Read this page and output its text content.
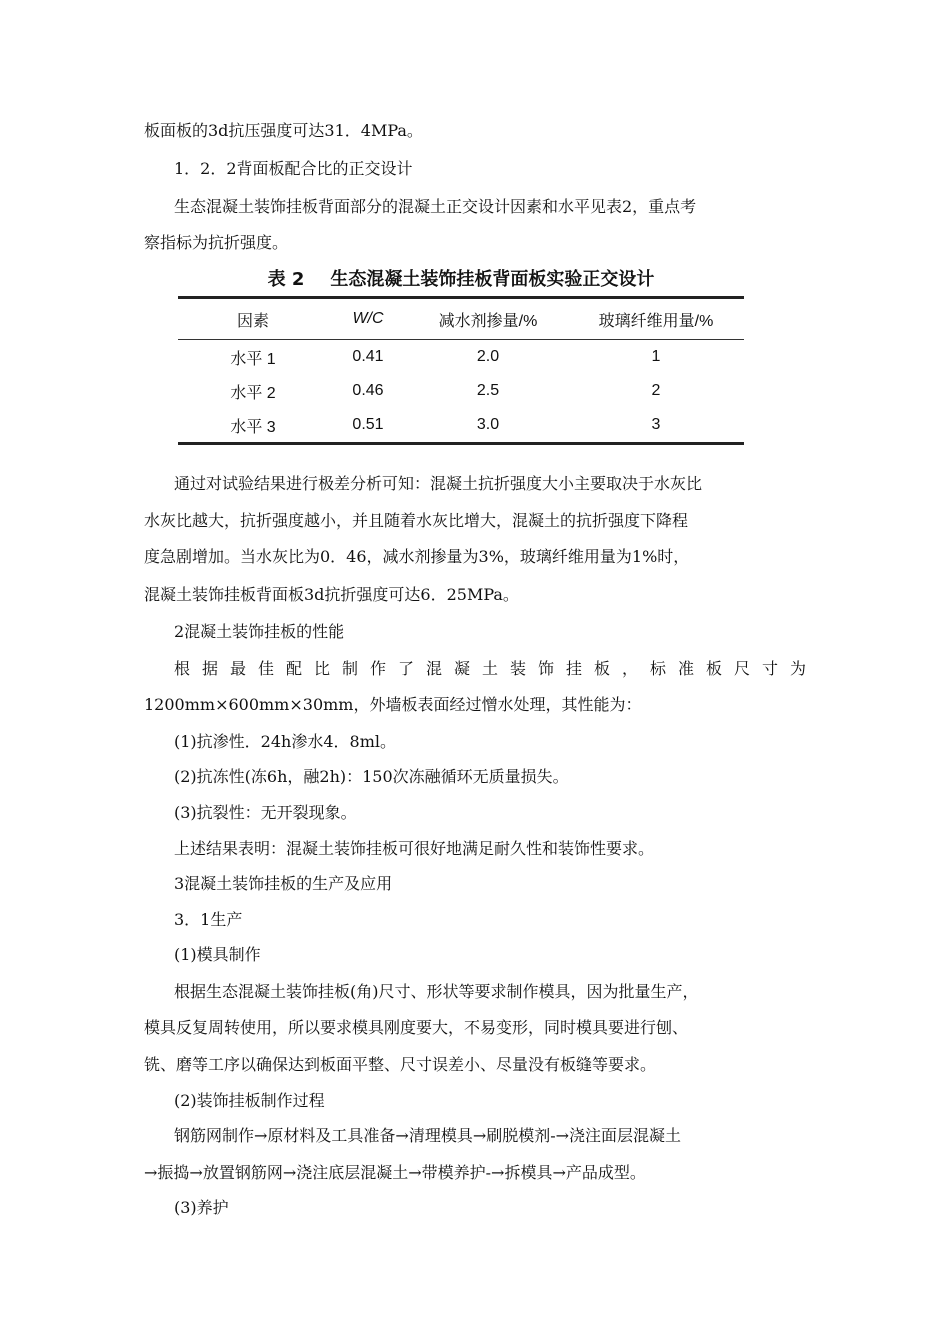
板面板的3d抗压强度可达31．4MPa。
1．2．2背面板配合比的正交设计
生态混凝土装饰挂板背面部分的混凝土正交设计因素和水平见表2，重点考
察指标为抗折强度。
表 2 生态混凝土装饰挂板背面板实验正交设计
因素	W/C	减水剂掺量/%	玻璃纤维用量/%
水平 1	0.41	2.0	1
水平 2	0.46	2.5	2
水平 3	0.51	3.0	3
通过对试验结果进行极差分析可知：混凝土抗折强度大小主要取决于水灰比
水灰比越大，抗折强度越小，并且随着水灰比增大，混凝土的抗折强度下降程
度急剧增加。当水灰比为0．46，减水剂掺量为3%，玻璃纤维用量为1%时，
混凝土装饰挂板背面板3d抗折强度可达6．25MPa。
2混凝土装饰挂板的性能
根据最佳配比制作了混凝土装饰挂板，标准板尺寸为
1200mm×600mm×30mm，外墙板表面经过憎水处理，其性能为：
(1)抗渗性．24h渗水4．8ml。
(2)抗冻性(冻6h，融2h)：150次冻融循环无质量损失。
(3)抗裂性：无开裂现象。
上述结果表明：混凝土装饰挂板可很好地满足耐久性和装饰性要求。
3混凝土装饰挂板的生产及应用
3．1生产
(1)模具制作
根据生态混凝土装饰挂板(角)尺寸、形状等要求制作模具，因为批量生产，
模具反复周转使用，所以要求模具刚度要大，不易变形，同时模具要进行刨、
铣、磨等工序以确保达到板面平整、尺寸误差小、尽量没有板缝等要求。
(2)装饰挂板制作过程
钢筋网制作→原材料及工具准备→清理模具→刷脱模剂-→浇注面层混凝土
→振捣→放置钢筋网→浇注底层混凝土→带模养护-→拆模具→产品成型。
(3)养护
